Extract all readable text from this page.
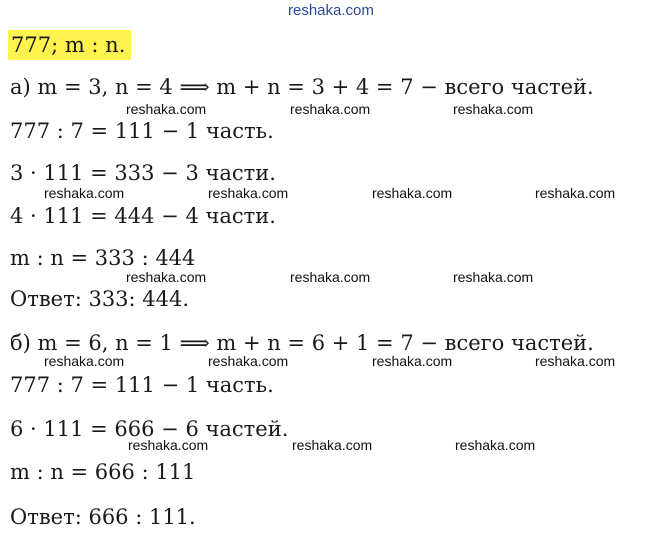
reshaka.com
777; m : n.
а) m = 3, n = 4 ⟹ m + n = 3 + 4 = 7 − всего частей.
777 : 7 = 111 − 1 часть.
3 · 111 = 333 − 3 части.
4 · 111 = 444 − 4 части.
m : n = 333 : 444
Ответ: 333: 444.
б) m = 6, n = 1 ⟹ m + n = 6 + 1 = 7 − всего частей.
777 : 7 = 111 − 1 часть.
6 · 111 = 666 − 6 частей.
m : n = 666 : 111
Ответ: 666 : 111.
reshaka.com	reshaka.com	reshaka.com
reshaka.com	reshaka.com	reshaka.com	reshaka.com
reshaka.com	reshaka.com	reshaka.com
reshaka.com	reshaka.com	reshaka.com	reshaka.com
reshaka.com	reshaka.com	reshaka.com
